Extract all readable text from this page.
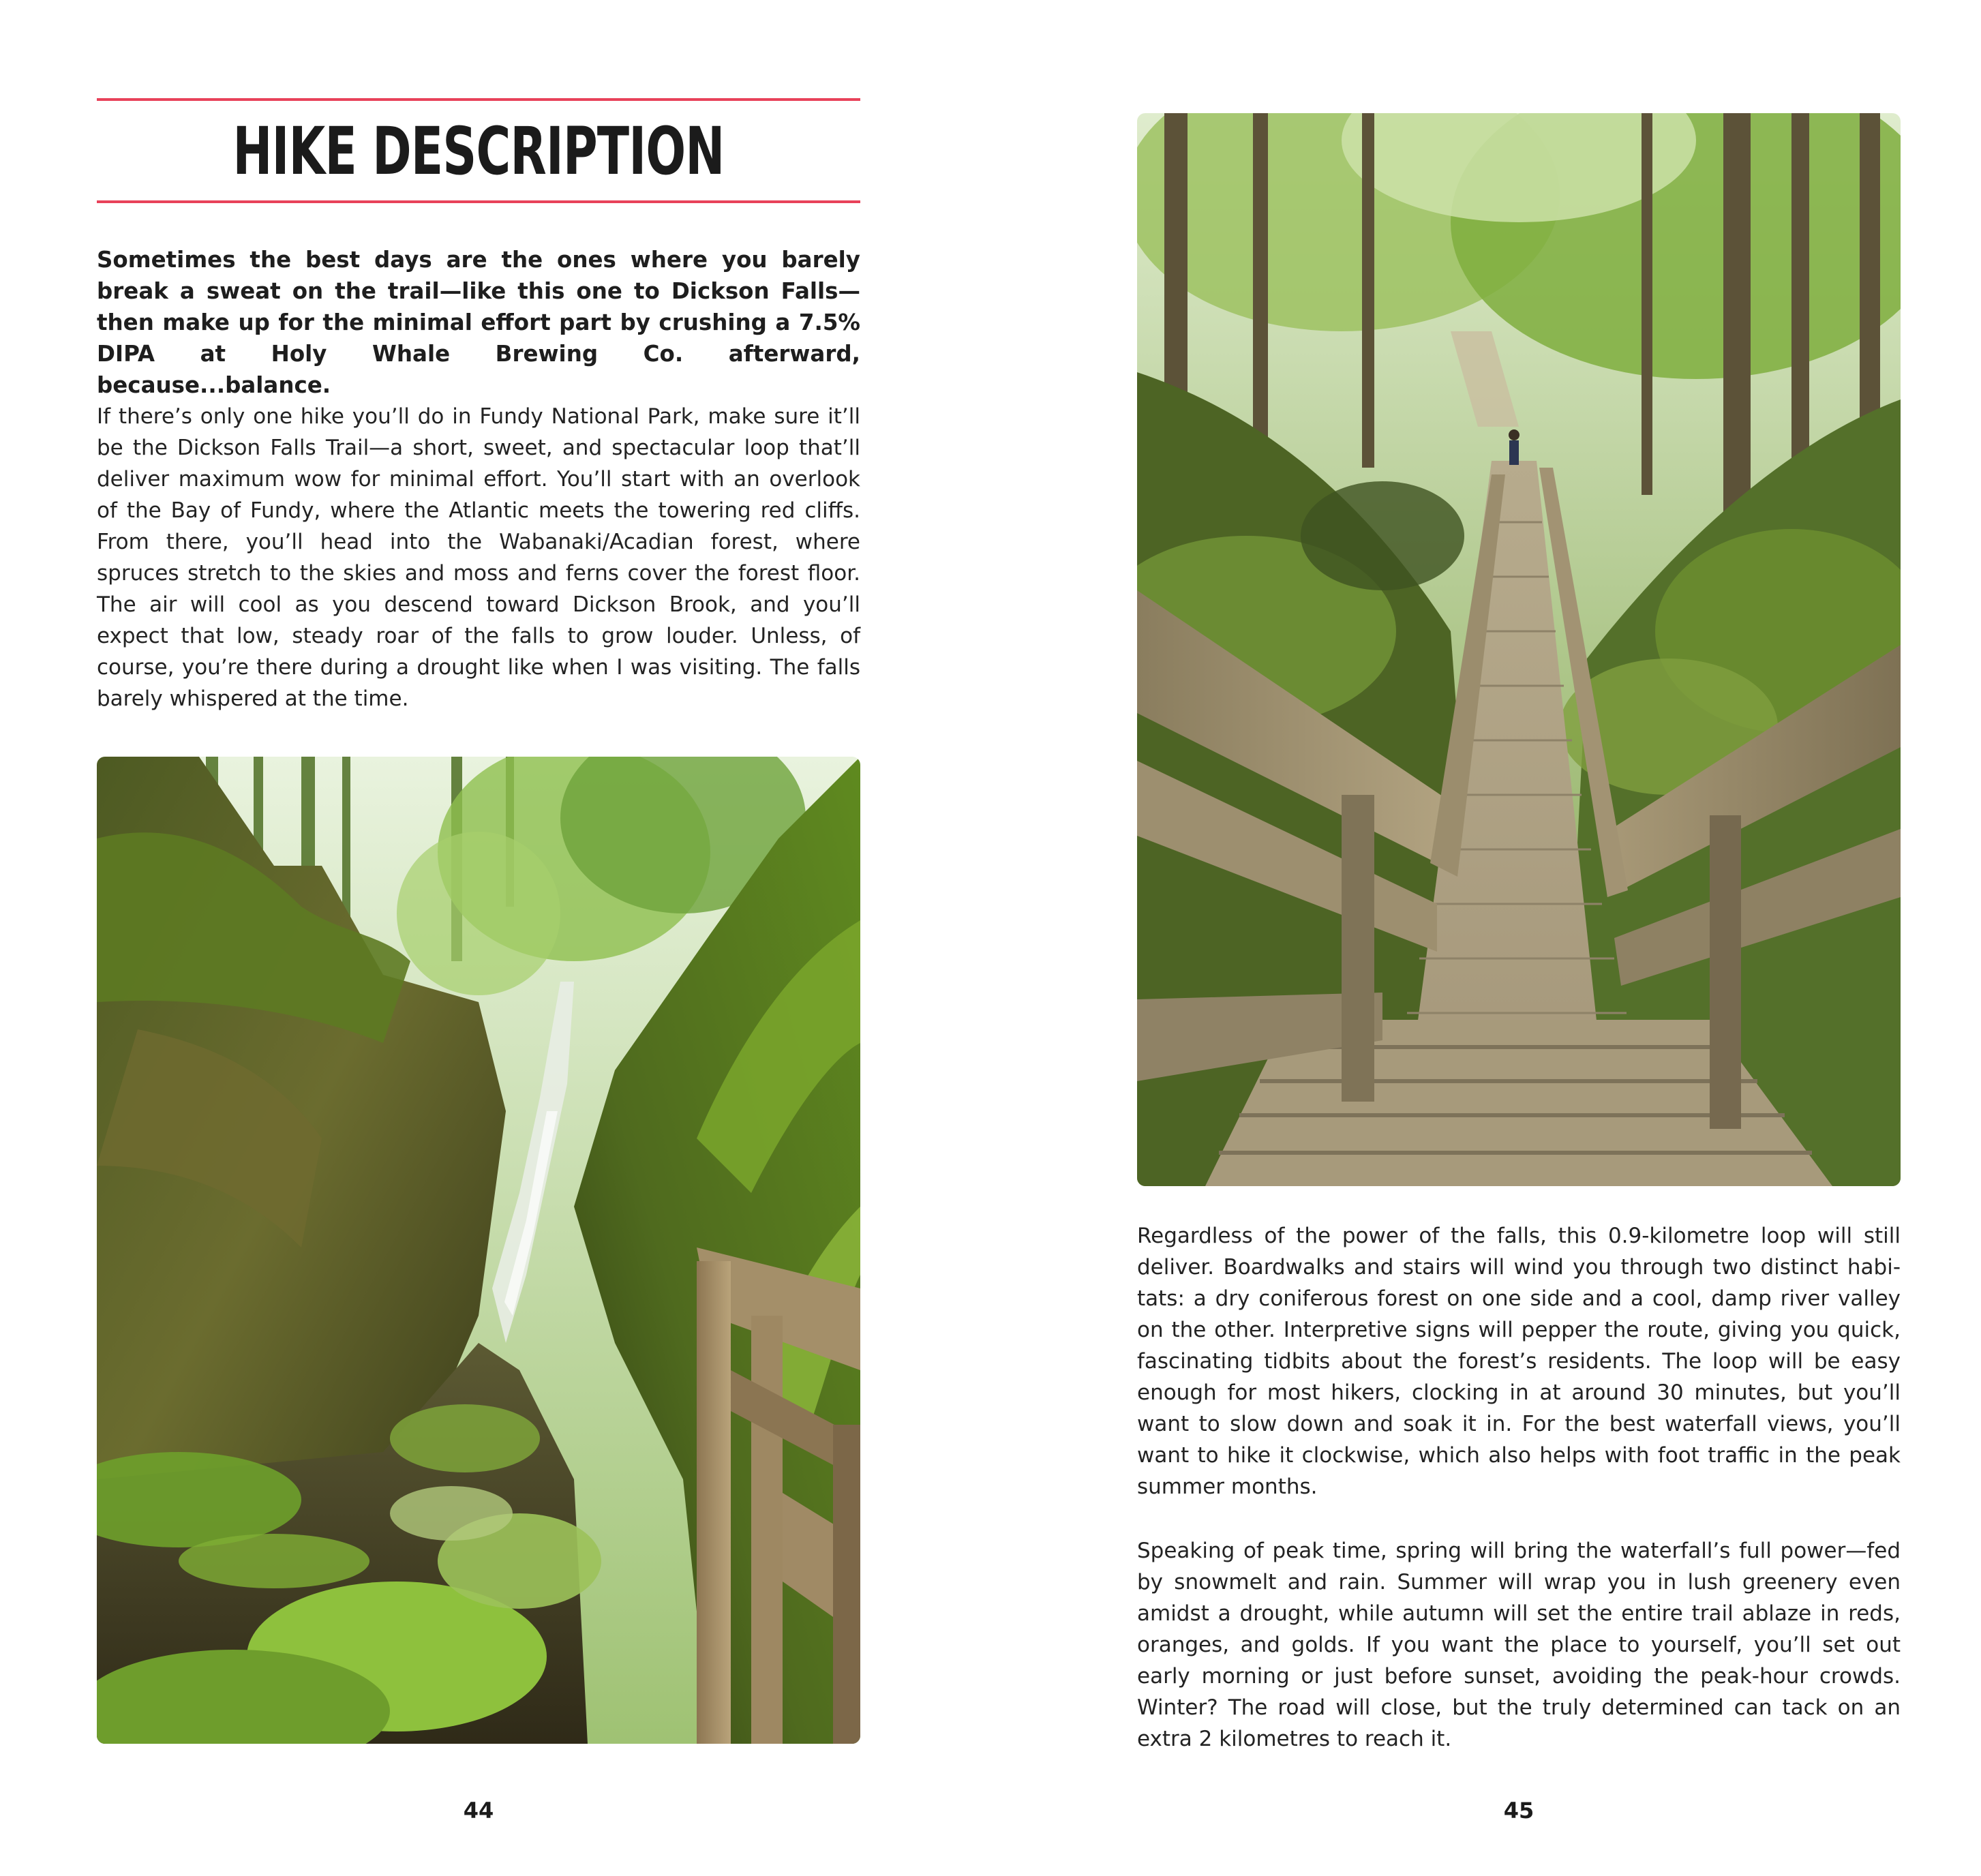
HIKE DESCRIPTION

Sometimes the best days are the ones where you barely break a sweat on the trail—like this one to Dickson Falls—then make up for the minimal effort part by crushing a 7.5% DIPA at Holy Whale Brewing Co. afterward, because...balance.

If there’s only one hike you’ll do in Fundy National Park, make sure it’ll be the Dickson Falls Trail—a short, sweet, and spectacular loop that’ll deliver maximum wow for minimal effort. You’ll start with an overlook of the Bay of Fundy, where the Atlantic meets the towering red cliffs. From there, you’ll head into the Wabanaki/Acadian forest, where spruces stretch to the skies and moss and ferns cover the forest floor. The air will cool as you descend toward Dickson Brook, and you’ll expect that low, steady roar of the falls to grow louder. Unless, of course, you’re there during a drought like when I was visiting. The falls barely whispered at the time.

44

Regardless of the power of the falls, this 0.9-kilometre loop will still deliver. Boardwalks and stairs will wind you through two distinct habitats: a dry coniferous forest on one side and a cool, damp river valley on the other. Interpretive signs will pepper the route, giving you quick, fascinating tidbits about the forest’s residents. The loop will be easy enough for most hikers, clocking in at around 30 minutes, but you’ll want to slow down and soak it in. For the best waterfall views, you’ll want to hike it clockwise, which also helps with foot traffic in the peak summer months.

Speaking of peak time, spring will bring the waterfall’s full power—fed by snowmelt and rain. Summer will wrap you in lush greenery even amidst a drought, while autumn will set the entire trail ablaze in reds, oranges, and golds. If you want the place to yourself, you’ll set out early morning or just before sunset, avoiding the peak-hour crowds. Winter? The road will close, but the truly determined can tack on an extra 2 kilometres to reach it.

45
